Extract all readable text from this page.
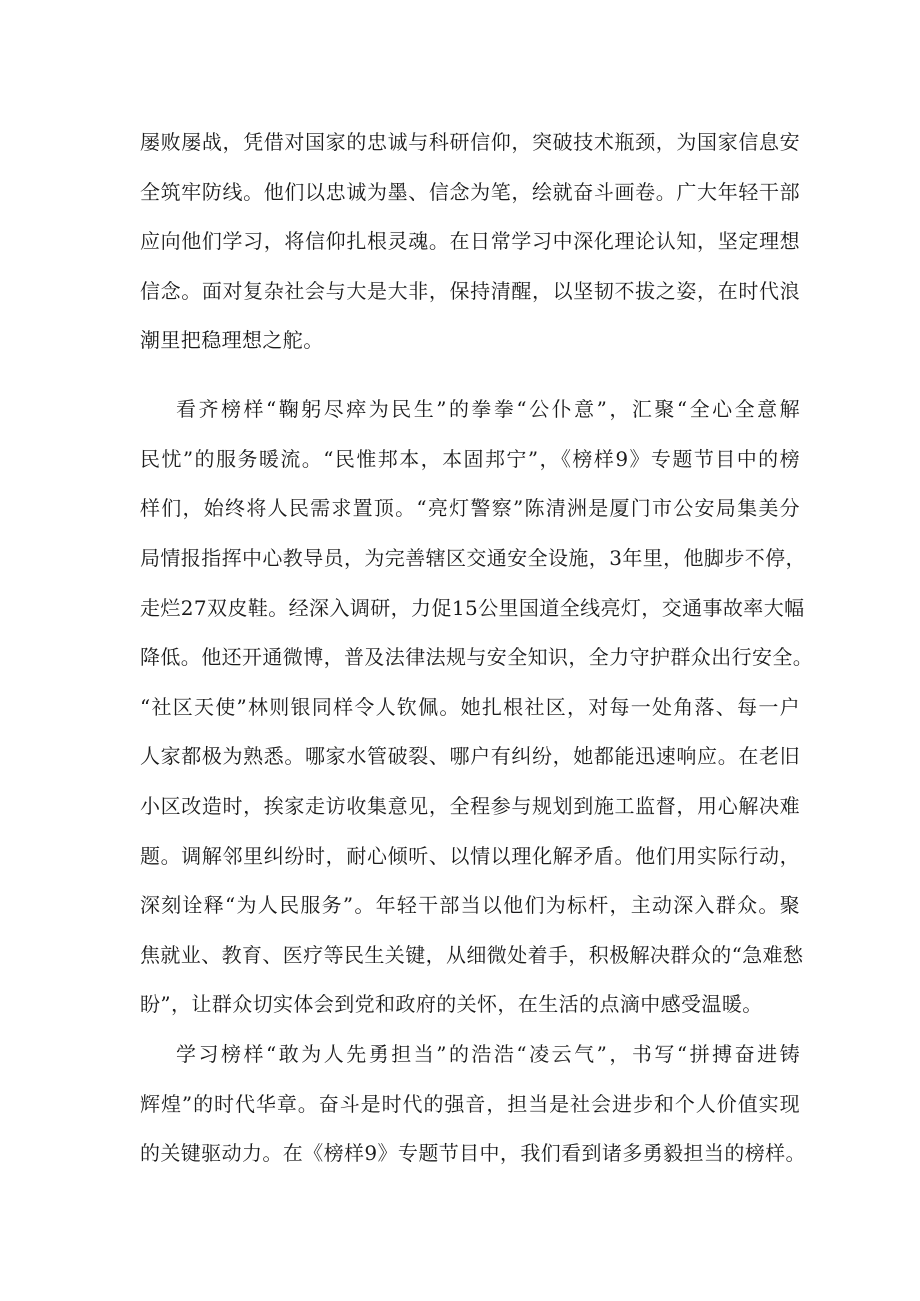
屡败屡战，凭借对国家的忠诚与科研信仰，突破技术瓶颈，为国家信息安
全筑牢防线。他们以忠诚为墨、信念为笔，绘就奋斗画卷。广大年轻干部
应向他们学习，将信仰扎根灵魂。在日常学习中深化理论认知，坚定理想
信念。面对复杂社会与大是大非，保持清醒，以坚韧不拔之姿，在时代浪
潮里把稳理想之舵。
看齐榜样“鞠躬尽瘁为民生”的拳拳“公仆意”，汇聚“全心全意解
民忧”的服务暖流。“民惟邦本，本固邦宁”，《榜样9》专题节目中的榜
样们，始终将人民需求置顶。“亮灯警察”陈清洲是厦门市公安局集美分
局情报指挥中心教导员，为完善辖区交通安全设施，3年里，他脚步不停，
走烂27双皮鞋。经深入调研，力促15公里国道全线亮灯，交通事故率大幅
降低。他还开通微博，普及法律法规与安全知识，全力守护群众出行安全。
“社区天使”林则银同样令人钦佩。她扎根社区，对每一处角落、每一户
人家都极为熟悉。哪家水管破裂、哪户有纠纷，她都能迅速响应。在老旧
小区改造时，挨家走访收集意见，全程参与规划到施工监督，用心解决难
题。调解邻里纠纷时，耐心倾听、以情以理化解矛盾。他们用实际行动，
深刻诠释“为人民服务”。年轻干部当以他们为标杆，主动深入群众。聚
焦就业、教育、医疗等民生关键，从细微处着手，积极解决群众的“急难愁
盼”，让群众切实体会到党和政府的关怀，在生活的点滴中感受温暖。
学习榜样“敢为人先勇担当”的浩浩“凌云气”，书写“拼搏奋进铸
辉煌”的时代华章。奋斗是时代的强音，担当是社会进步和个人价值实现
的关键驱动力。在《榜样9》专题节目中，我们看到诸多勇毅担当的榜样。
